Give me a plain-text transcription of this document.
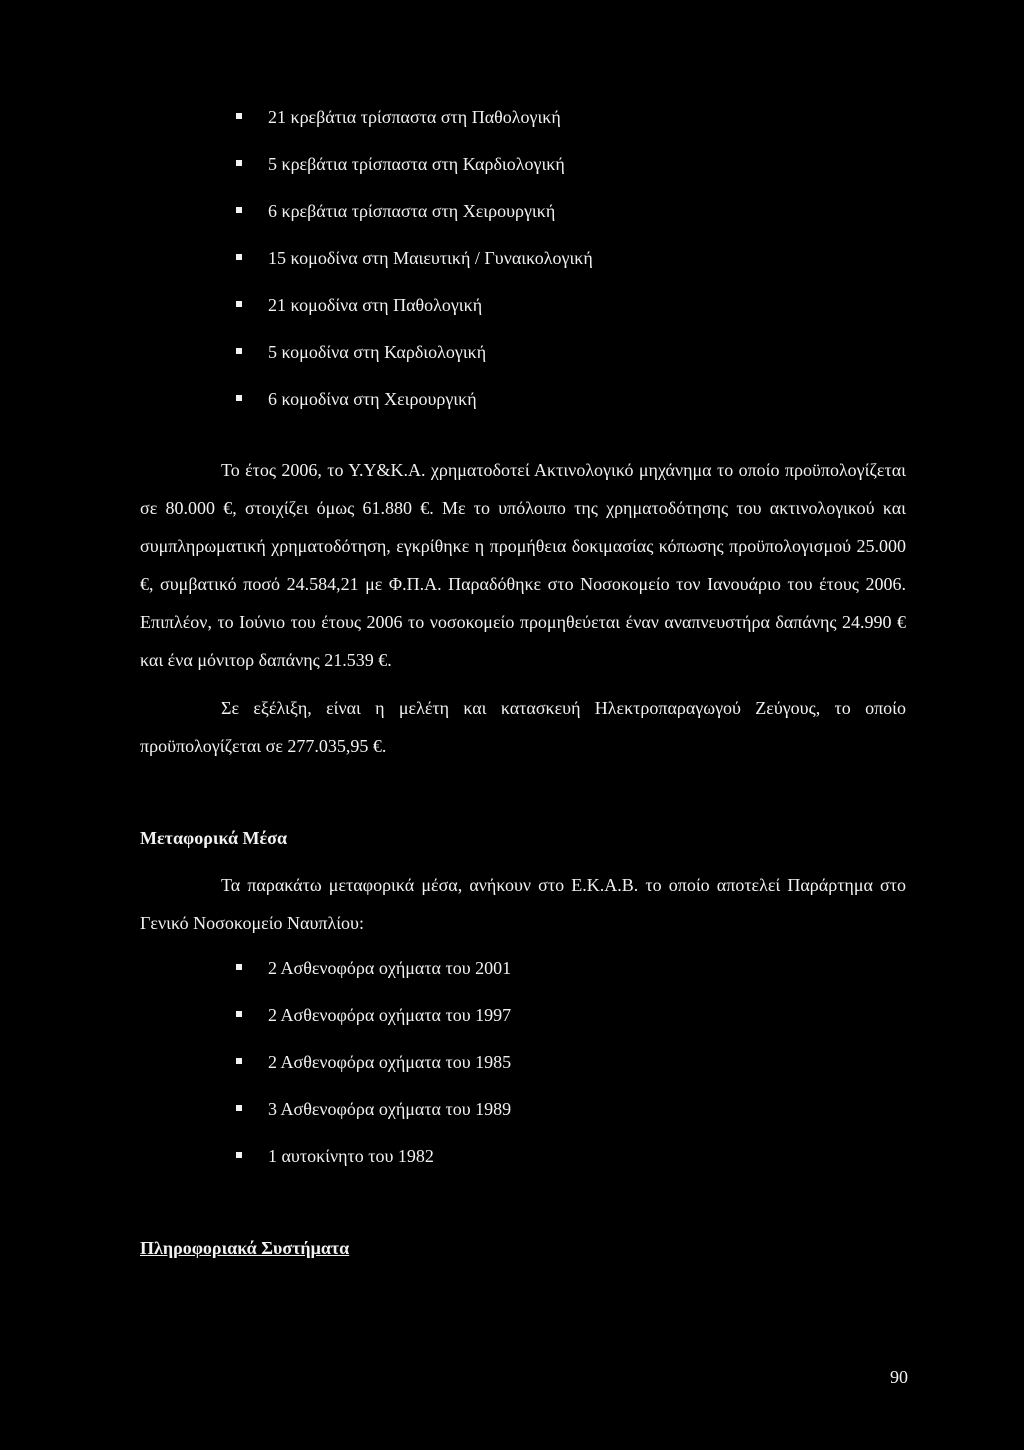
21 κρεβάτια τρίσπαστα στη Παθολογική
5 κρεβάτια τρίσπαστα στη Καρδιολογική
6 κρεβάτια τρίσπαστα στη Χειρουργική
15 κομοδίνα στη Μαιευτική / Γυναικολογική
21 κομοδίνα στη Παθολογική
5 κομοδίνα στη Καρδιολογική
6 κομοδίνα στη Χειρουργική

Το έτος 2006, το Υ.Υ&Κ.Α. χρηματοδοτεί Ακτινολογικό μηχάνημα το οποίο προϋπολογίζεται σε 80.000 €, στοιχίζει όμως 61.880 €. Με το υπόλοιπο της χρηματοδότησης του ακτινολογικού και συμπληρωματική χρηματοδότηση, εγκρίθηκε η προμήθεια δοκιμασίας κόπωσης προϋπολογισμού 25.000 €, συμβατικό ποσό 24.584,21 με Φ.Π.Α. Παραδόθηκε στο Νοσοκομείο τον Ιανουάριο του έτους 2006. Επιπλέον, το Ιούνιο του έτους 2006 το νοσοκομείο προμηθεύεται έναν αναπνευστήρα δαπάνης 24.990 € και ένα μόνιτορ δαπάνης 21.539 €.

Σε εξέλιξη, είναι η μελέτη και κατασκευή Ηλεκτροπαραγωγού Ζεύγους, το οποίο προϋπολογίζεται σε 277.035,95 €.

Μεταφορικά Μέσα

Τα παρακάτω μεταφορικά μέσα, ανήκουν στο Ε.Κ.Α.Β. το οποίο αποτελεί Παράρτημα στο Γενικό Νοσοκομείο Ναυπλίου:

2 Ασθενοφόρα οχήματα του 2001
2 Ασθενοφόρα οχήματα του 1997
2 Ασθενοφόρα οχήματα του 1985
3 Ασθενοφόρα οχήματα του 1989
1 αυτοκίνητο του 1982
Πληροφοριακά Συστήματα
90
